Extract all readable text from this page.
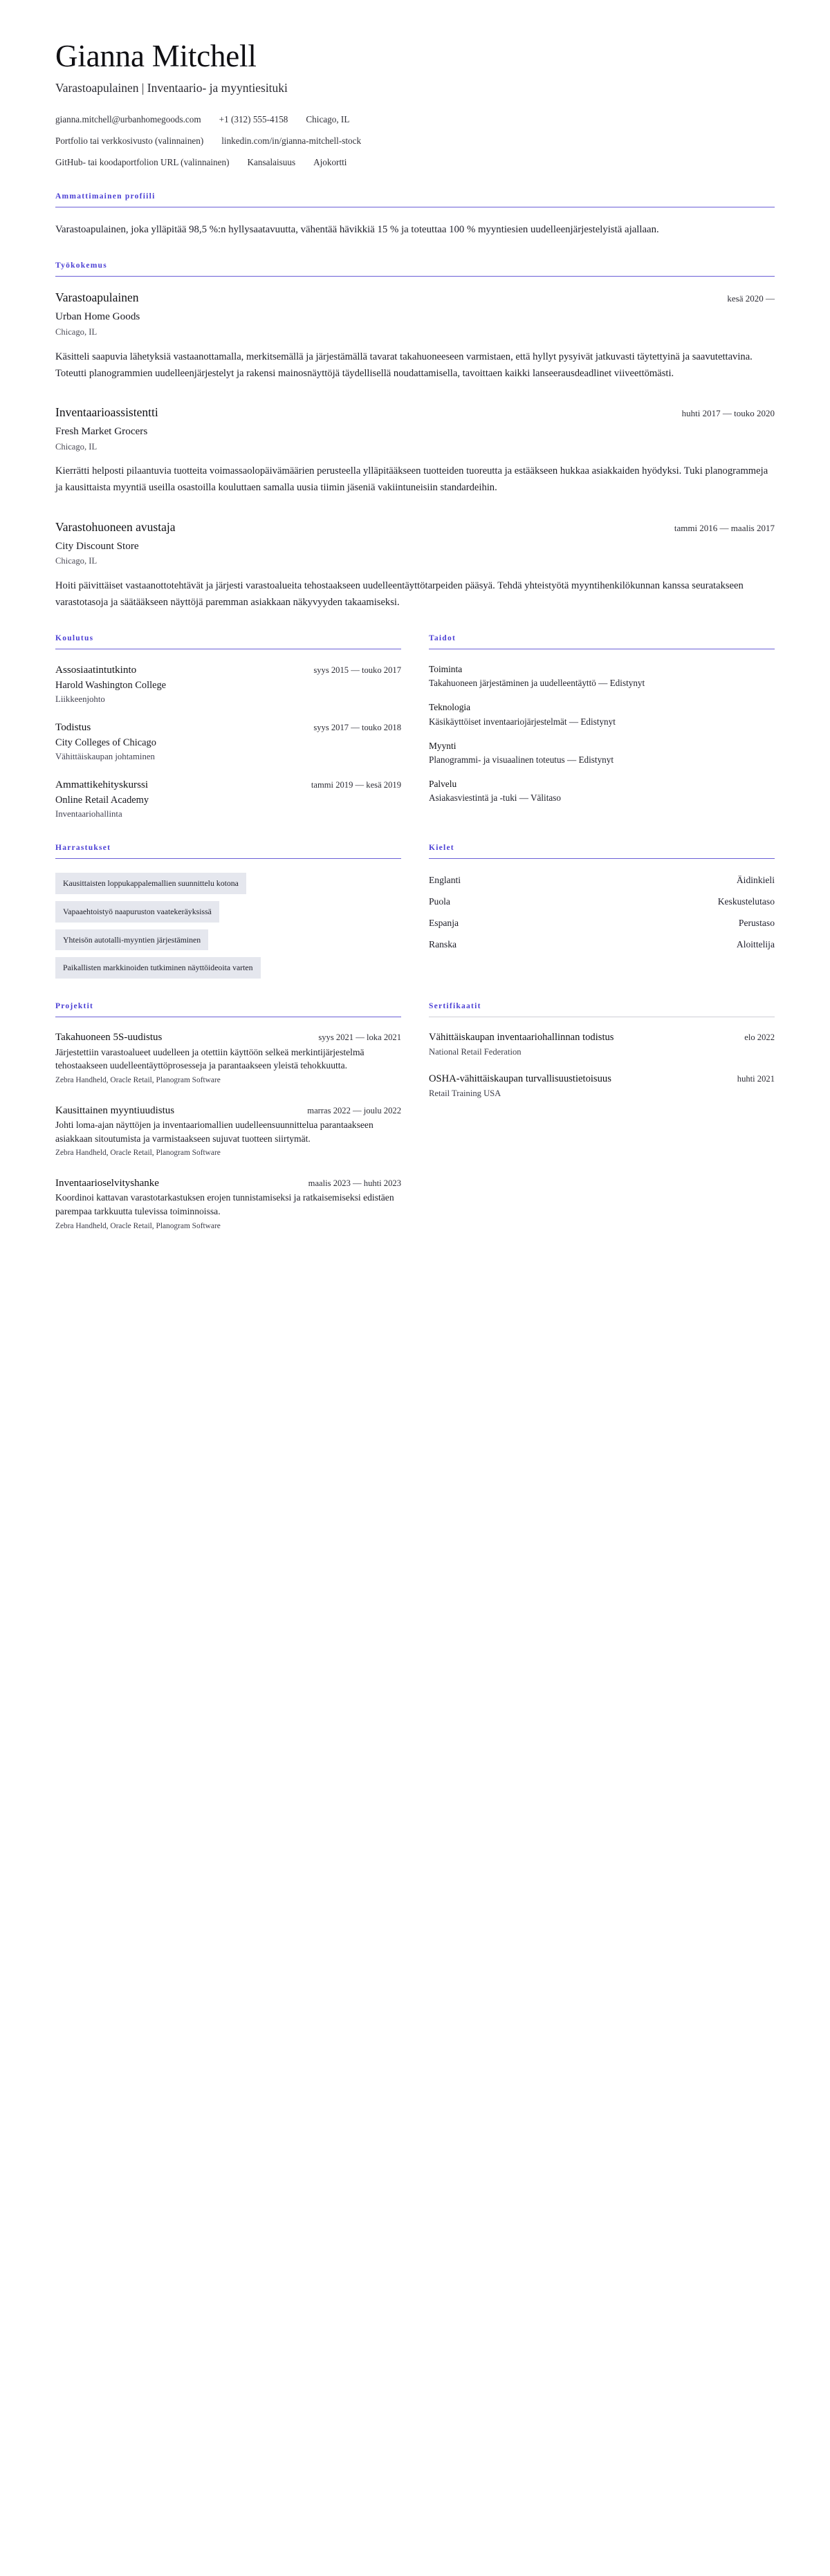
Gianna Mitchell
Varastoapulainen | Inventaario- ja myyntiesituki
gianna.mitchell@urbanhomegoods.com +1 (312) 555-4158 Chicago, IL
Portfolio tai verkkosivusto (valinnainen) linkedin.com/in/gianna-mitchell-stock
GitHub- tai koodaportfolion URL (valinnainen) Kansalaisuus Ajokortti
Ammattimainen profiili

Varastoapulainen, joka ylläpitää 98,5 %:n hyllysaatavuutta, vähentää hävikkiä 15 % ja toteuttaa 100 % myyntiesien uudelleenjärjestelyistä ajallaan.

Työkokemus
Varastoapulainen	kesä 2020 —
Urban Home Goods
Chicago, IL
Käsitteli saapuvia lähetyksiä vastaanottamalla, merkitsemällä ja järjestämällä tavarat takahuoneeseen varmistaen, että hyllyt pysyivät jatkuvasti täytettyinä ja saavutettavina. Toteutti planogrammien uudelleenjärjestelyt ja rakensi mainosnäyttöjä täydellisellä noudattamisella, tavoittaen kaikki lanseerausdeadlinet viiveettömästi.
Inventaarioassistentti	huhti 2017 — touko 2020
Fresh Market Grocers
Chicago, IL
Kierrätti helposti pilaantuvia tuotteita voimassaolopäivämäärien perusteella ylläpitääkseen tuotteiden tuoreutta ja estääkseen hukkaa asiakkaiden hyödyksi. Tuki planogrammeja ja kausittaista myyntiä useilla osastoilla kouluttaen samalla uusia tiimin jäseniä vakiintuneisiin standardeihin.
Varastohuoneen avustaja	tammi 2016 — maalis 2017
City Discount Store
Chicago, IL
Hoiti päivittäiset vastaanottotehtävät ja järjesti varastoalueita tehostaakseen uudelleentäyttötarpeiden pääsyä. Tehdä yhteistyötä myyntihenkilökunnan kanssa seuratakseen varastotasoja ja säätääkseen näyttöjä paremman asiakkaan näkyvyyden takaamiseksi.
Koulutus
Assosiaatintutkinto	syys 2015 — touko 2017
Harold Washington College
Liikkeenjohto
Todistus	syys 2017 — touko 2018
City Colleges of Chicago
Vähittäiskaupan johtaminen
Ammattikehityskurssi	tammi 2019 — kesä 2019
Online Retail Academy
Inventaariohallinta
Taidot
Toiminta
Takahuoneen järjestäminen ja uudelleentäyttö — Edistynyt
Teknologia
Käsikäyttöiset inventaariojärjestelmät — Edistynyt
Myynti
Planogrammi- ja visuaalinen toteutus — Edistynyt
Palvelu
Asiakasviestintä ja -tuki — Välitaso
Harrastukset
Kausittaisten loppukappalemallien suunnittelu kotona
Vapaaehtoistyö naapuruston vaatekeräyksissä
Yhteisön autotalli-myyntien järjestäminen
Paikallisten markkinoiden tutkiminen näyttöideoita varten
Kielet
Englanti	Äidinkieli
Puola	Keskustelutaso
Espanja	Perustaso
Ranska	Aloittelija
Projektit
Takahuoneen 5S-uudistus	syys 2021 — loka 2021
Järjestettiin varastoalueet uudelleen ja otettiin käyttöön selkeä merkintijärjestelmä tehostaakseen uudelleentäyttöprosesseja ja parantaakseen yleistä tehokkuutta.
Zebra Handheld, Oracle Retail, Planogram Software
Kausittainen myyntiuudistus	marras 2022 — joulu 2022
Johti loma-ajan näyttöjen ja inventaariomallien uudelleensuunnittelua parantaakseen asiakkaan sitoutumista ja varmistaakseen sujuvat tuotteen siirtymät.
Zebra Handheld, Oracle Retail, Planogram Software
Inventaarioselvityshanke	maalis 2023 — huhti 2023
Koordinoi kattavan varastotarkastuksen erojen tunnistamiseksi ja ratkaisemiseksi edistäen parempaa tarkkuutta tulevissa toiminnoissa.
Zebra Handheld, Oracle Retail, Planogram Software
Sertifikaatit
Vähittäiskaupan inventaariohallinnan todistus	elo 2022
National Retail Federation
OSHA-vähittäiskaupan turvallisuustietoisuus	huhti 2021
Retail Training USA
